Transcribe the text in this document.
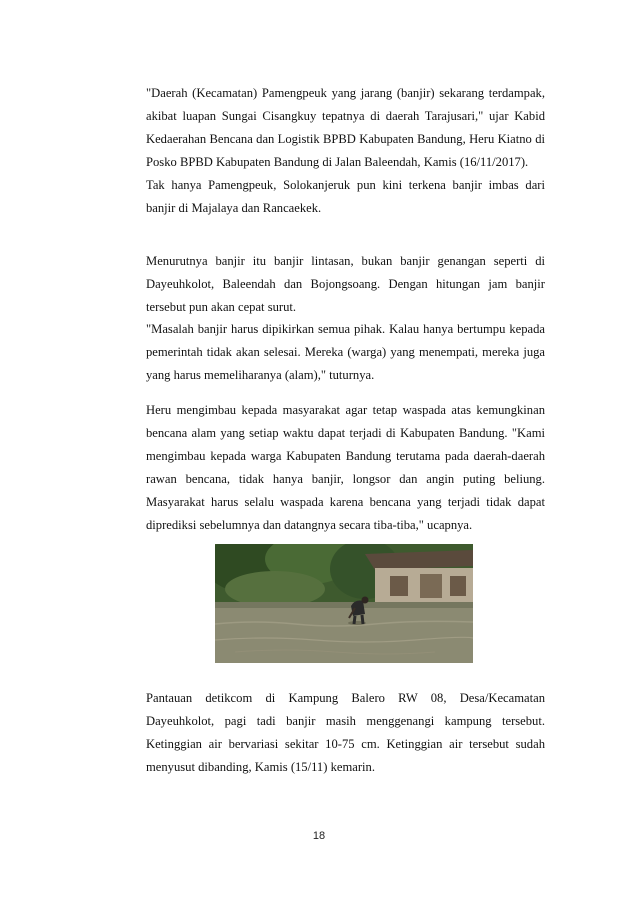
"Daerah (Kecamatan) Pamengpeuk yang jarang (banjir) sekarang terdampak, akibat luapan Sungai Cisangkuy tepatnya di daerah Tarajusari," ujar Kabid Kedaerahan Bencana dan Logistik BPBD Kabupaten Bandung, Heru Kiatno di Posko BPBD Kabupaten Bandung di Jalan Baleendah, Kamis (16/11/2017).

Tak hanya Pamengpeuk, Solokanjeruk pun kini terkena banjir imbas dari banjir di Majalaya dan Rancaekek.

Menurutnya banjir itu banjir lintasan, bukan banjir genangan seperti di Dayeuhkolot, Baleendah dan Bojongsoang. Dengan hitungan jam banjir tersebut pun akan cepat surut.

"Masalah banjir harus dipikirkan semua pihak. Kalau hanya bertumpu kepada pemerintah tidak akan selesai. Mereka (warga) yang menempati, mereka juga yang harus memeliharanya (alam)," tuturnya.

Heru mengimbau kepada masyarakat agar tetap waspada atas kemungkinan bencana alam yang setiap waktu dapat terjadi di Kabupaten Bandung. "Kami mengimbau kepada warga Kabupaten Bandung terutama pada daerah-daerah rawan bencana, tidak hanya banjir, longsor dan angin puting beliung. Masyarakat harus selalu waspada karena bencana yang terjadi tidak dapat diprediksi sebelumnya dan datangnya secara tiba-tiba," ucapnya.

Pantauan detikcom di Kampung Balero RW 08, Desa/Kecamatan Dayeuhkolot, pagi tadi banjir masih menggenangi kampung tersebut. Ketinggian air bervariasi sekitar 10-75 cm. Ketinggian air tersebut sudah menyusut dibanding, Kamis (15/11) kemarin.

18
